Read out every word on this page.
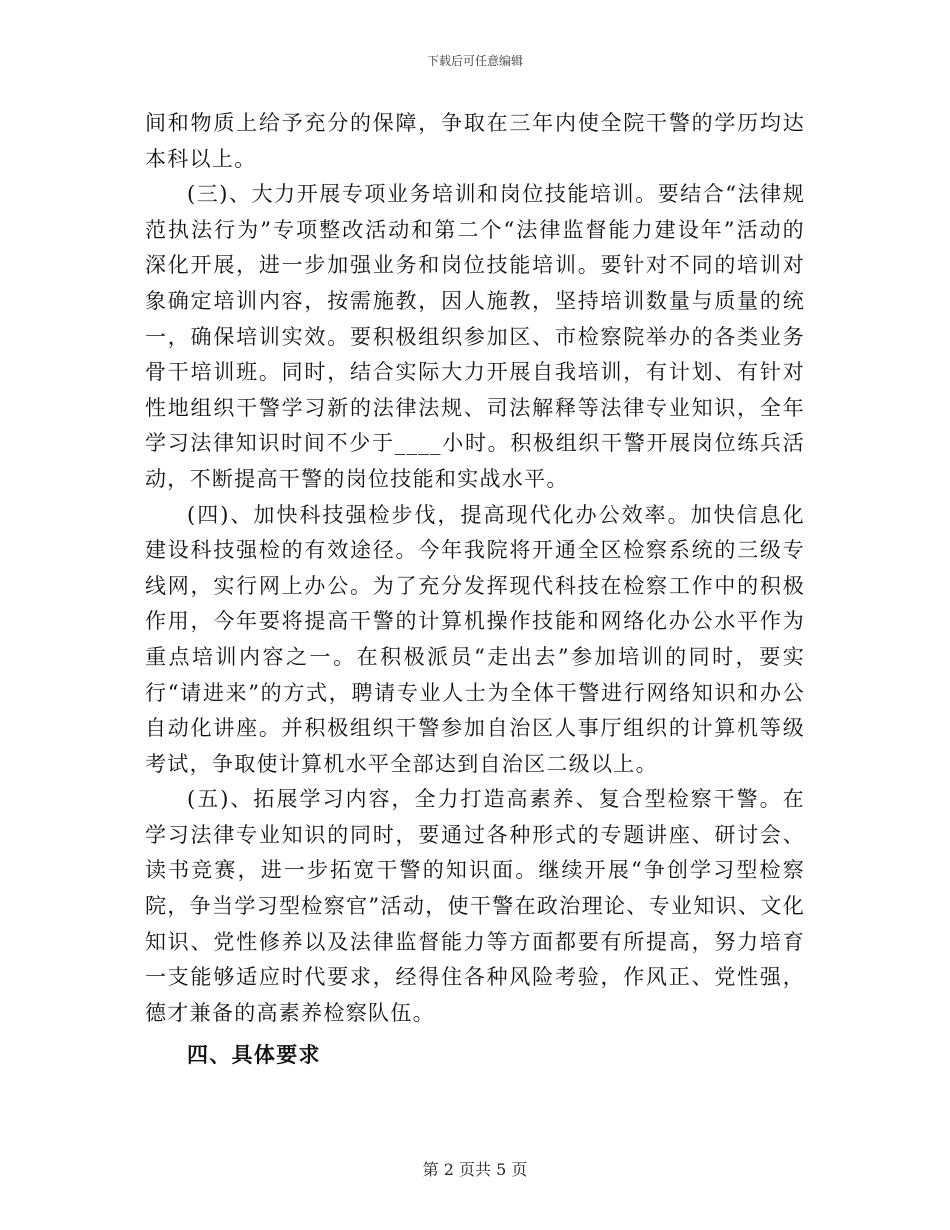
下载后可任意编辑

间和物质上给予充分的保障，争取在三年内使全院干警的学历均达本科以上。

(三)、大力开展专项业务培训和岗位技能培训。要结合“法律规范执法行为”专项整改活动和第二个“法律监督能力建设年”活动的深化开展，进一步加强业务和岗位技能培训。要针对不同的培训对象确定培训内容，按需施教，因人施教，坚持培训数量与质量的统一，确保培训实效。要积极组织参加区、市检察院举办的各类业务骨干培训班。同时，结合实际大力开展自我培训，有计划、有针对性地组织干警学习新的法律法规、司法解释等法律专业知识，全年学习法律知识时间不少于____小时。积极组织干警开展岗位练兵活动，不断提高干警的岗位技能和实战水平。

(四)、加快科技强检步伐，提高现代化办公效率。加快信息化建设科技强检的有效途径。今年我院将开通全区检察系统的三级专线网，实行网上办公。为了充分发挥现代科技在检察工作中的积极作用，今年要将提高干警的计算机操作技能和网络化办公水平作为重点培训内容之一。在积极派员“走出去”参加培训的同时，要实行“请进来”的方式，聘请专业人士为全体干警进行网络知识和办公自动化讲座。并积极组织干警参加自治区人事厅组织的计算机等级考试，争取使计算机水平全部达到自治区二级以上。

(五)、拓展学习内容，全力打造高素养、复合型检察干警。在学习法律专业知识的同时，要通过各种形式的专题讲座、研讨会、读书竞赛，进一步拓宽干警的知识面。继续开展“争创学习型检察院，争当学习型检察官”活动，使干警在政治理论、专业知识、文化知识、党性修养以及法律监督能力等方面都要有所提高，努力培育一支能够适应时代要求，经得住各种风险考验，作风正、党性强，德才兼备的高素养检察队伍。

四、具体要求

第 2 页共 5 页
